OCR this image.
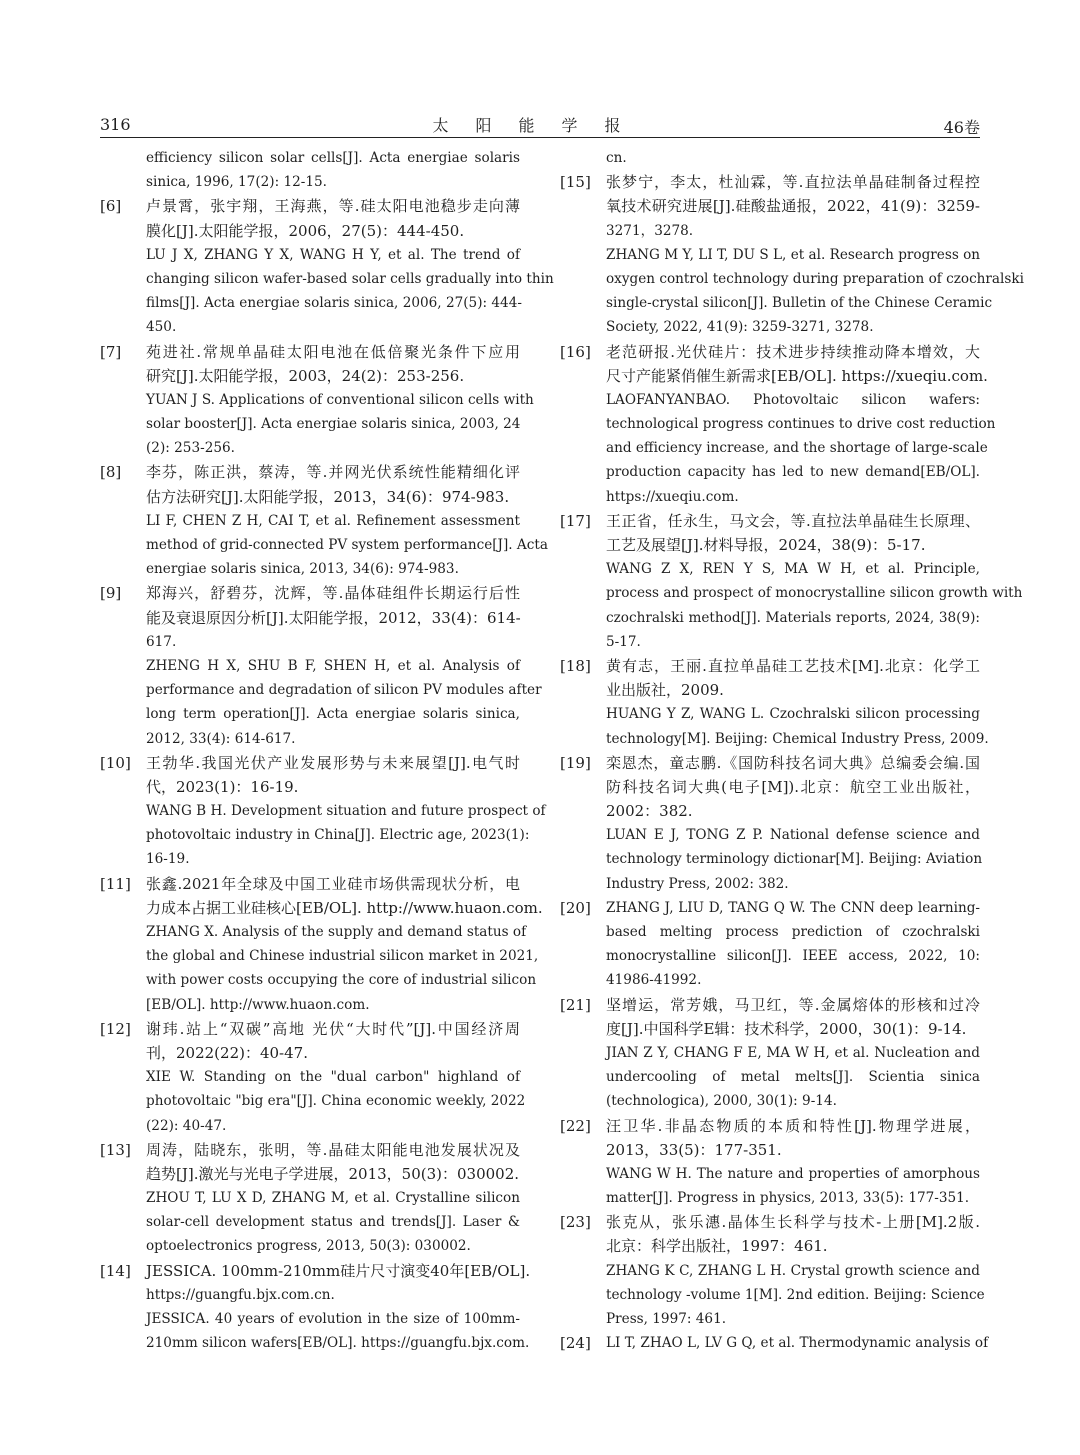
316	太阳能学报	46卷
efficiency silicon solar cells[J]. Acta energiae solaris
sinica, 1996, 17(2): 12-15.
[6]	卢景霄，张宇翔，王海燕，等.硅太阳电池稳步走向薄
膜化[J].太阳能学报，2006，27(5)：444-450.
LU J X, ZHANG Y X, WANG H Y, et al. The trend of
changing silicon wafer-based solar cells gradually into thin
films[J]. Acta energiae solaris sinica, 2006, 27(5): 444-
450.
[7]	苑进社.常规单晶硅太阳电池在低倍聚光条件下应用
研究[J].太阳能学报，2003，24(2)：253-256.
YUAN J S. Applications of conventional silicon cells with
solar booster[J]. Acta energiae solaris sinica, 2003, 24
(2): 253-256.
[8]	李芬，陈正洪，蔡涛，等.并网光伏系统性能精细化评
估方法研究[J].太阳能学报，2013，34(6)：974-983.
LI F, CHEN Z H, CAI T, et al. Refinement assessment
method of grid-connected PV system performance[J]. Acta
energiae solaris sinica, 2013, 34(6): 974-983.
[9]	郑海兴，舒碧芬，沈辉，等.晶体硅组件长期运行后性
能及衰退原因分析[J].太阳能学报，2012，33(4)：614-
617.
ZHENG H X, SHU B F, SHEN H, et al. Analysis of
performance and degradation of silicon PV modules after
long term operation[J]. Acta energiae solaris sinica,
2012, 33(4): 614-617.
[10]	王勃华.我国光伏产业发展形势与未来展望[J].电气时
代，2023(1)：16-19.
WANG B H. Development situation and future prospect of
photovoltaic industry in China[J]. Electric age, 2023(1):
16-19.
[11]	张鑫.2021年全球及中国工业硅市场供需现状分析，电
力成本占据工业硅核心[EB/OL]. http://www.huaon.com.
ZHANG X. Analysis of the supply and demand status of
the global and Chinese industrial silicon market in 2021,
with power costs occupying the core of industrial silicon
[EB/OL]. http://www.huaon.com.
[12]	谢玮.站上“双碳”高地 光伏“大时代”[J].中国经济周
刊，2022(22)：40-47.
XIE W. Standing on the "dual carbon" highland of
photovoltaic "big era"[J]. China economic weekly, 2022
(22): 40-47.
[13]	周涛，陆晓东，张明，等.晶硅太阳能电池发展状况及
趋势[J].激光与光电子学进展，2013，50(3)：030002.
ZHOU T, LU X D, ZHANG M, et al. Crystalline silicon
solar-cell development status and trends[J]. Laser &
optoelectronics progress, 2013, 50(3): 030002.
[14]	JESSICA. 100mm-210mm硅片尺寸演变40年[EB/OL].
https://guangfu.bjx.com.cn.
JESSICA. 40 years of evolution in the size of 100mm-
210mm silicon wafers[EB/OL]. https://guangfu.bjx.com.
cn.
[15]	张梦宁，李太，杜汕霖，等.直拉法单晶硅制备过程控
氧技术研究进展[J].硅酸盐通报，2022，41(9)：3259-
3271，3278.
ZHANG M Y, LI T, DU S L, et al. Research progress on
oxygen control technology during preparation of czochralski
single-crystal silicon[J]. Bulletin of the Chinese Ceramic
Society, 2022, 41(9): 3259-3271, 3278.
[16]	老范研报.光伏硅片：技术进步持续推动降本增效，大
尺寸产能紧俏催生新需求[EB/OL]. https://xueqiu.com.
LAOFANYANBAO. Photovoltaic silicon wafers:
technological progress continues to drive cost reduction
and efficiency increase, and the shortage of large-scale
production capacity has led to new demand[EB/OL].
https://xueqiu.com.
[17]	王正省，任永生，马文会，等.直拉法单晶硅生长原理、
工艺及展望[J].材料导报，2024，38(9)：5-17.
WANG Z X, REN Y S, MA W H, et al. Principle,
process and prospect of monocrystalline silicon growth with
czochralski method[J]. Materials reports, 2024, 38(9):
5-17.
[18]	黄有志，王丽.直拉单晶硅工艺技术[M].北京：化学工
业出版社，2009.
HUANG Y Z, WANG L. Czochralski silicon processing
technology[M]. Beijing: Chemical Industry Press, 2009.
[19]	栾恩杰，童志鹏.《国防科技名词大典》总编委会编.国
防科技名词大典(电子[M]).北京：航空工业出版社，
2002：382.
LUAN E J, TONG Z P. National defense science and
technology terminology dictionar[M]. Beijing: Aviation
Industry Press, 2002: 382.
[20]	ZHANG J, LIU D, TANG Q W. The CNN deep learning-
based melting process prediction of czochralski
monocrystalline silicon[J]. IEEE access, 2022, 10:
41986-41992.
[21]	坚增运，常芳娥，马卫红，等.金属熔体的形核和过冷
度[J].中国科学E辑：技术科学，2000，30(1)：9-14.
JIAN Z Y, CHANG F E, MA W H, et al. Nucleation and
undercooling of metal melts[J]. Scientia sinica
(technologica), 2000, 30(1): 9-14.
[22]	汪卫华.非晶态物质的本质和特性[J].物理学进展，
2013，33(5)：177-351.
WANG W H. The nature and properties of amorphous
matter[J]. Progress in physics, 2013, 33(5): 177-351.
[23]	张克从，张乐潓.晶体生长科学与技术-上册[M].2版.
北京：科学出版社，1997：461.
ZHANG K C, ZHANG L H. Crystal growth science and
technology -volume 1[M]. 2nd edition. Beijing: Science
Press, 1997: 461.
[24]	LI T, ZHAO L, LV G Q, et al. Thermodynamic analysis of
